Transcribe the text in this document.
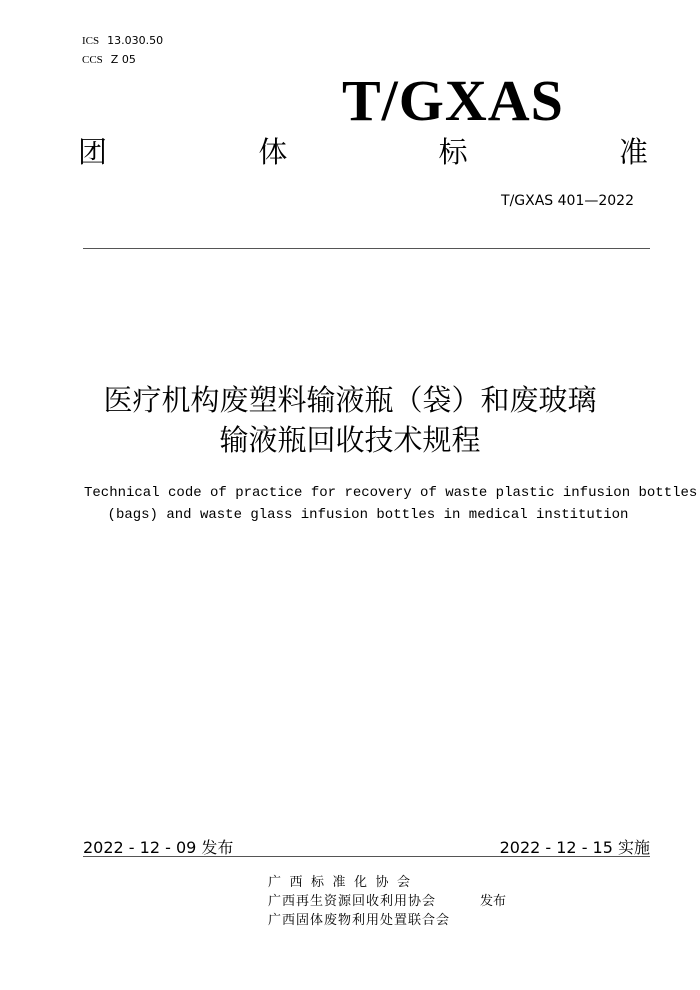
ICS 13.030.50
CCS Z 05
T/GXAS
团	体	标	准
T/GXAS 401—2022
医疗机构废塑料输液瓶（袋）和废玻璃
输液瓶回收技术规程
Technical code of practice for recovery of waste plastic infusion bottles
(bags) and waste glass infusion bottles in medical institution
2022 - 12 - 09 发布	2022 - 12 - 15 实施
广西标准化协会
广西再生资源回收利用协会
广西固体废物利用处置联合会
发布
